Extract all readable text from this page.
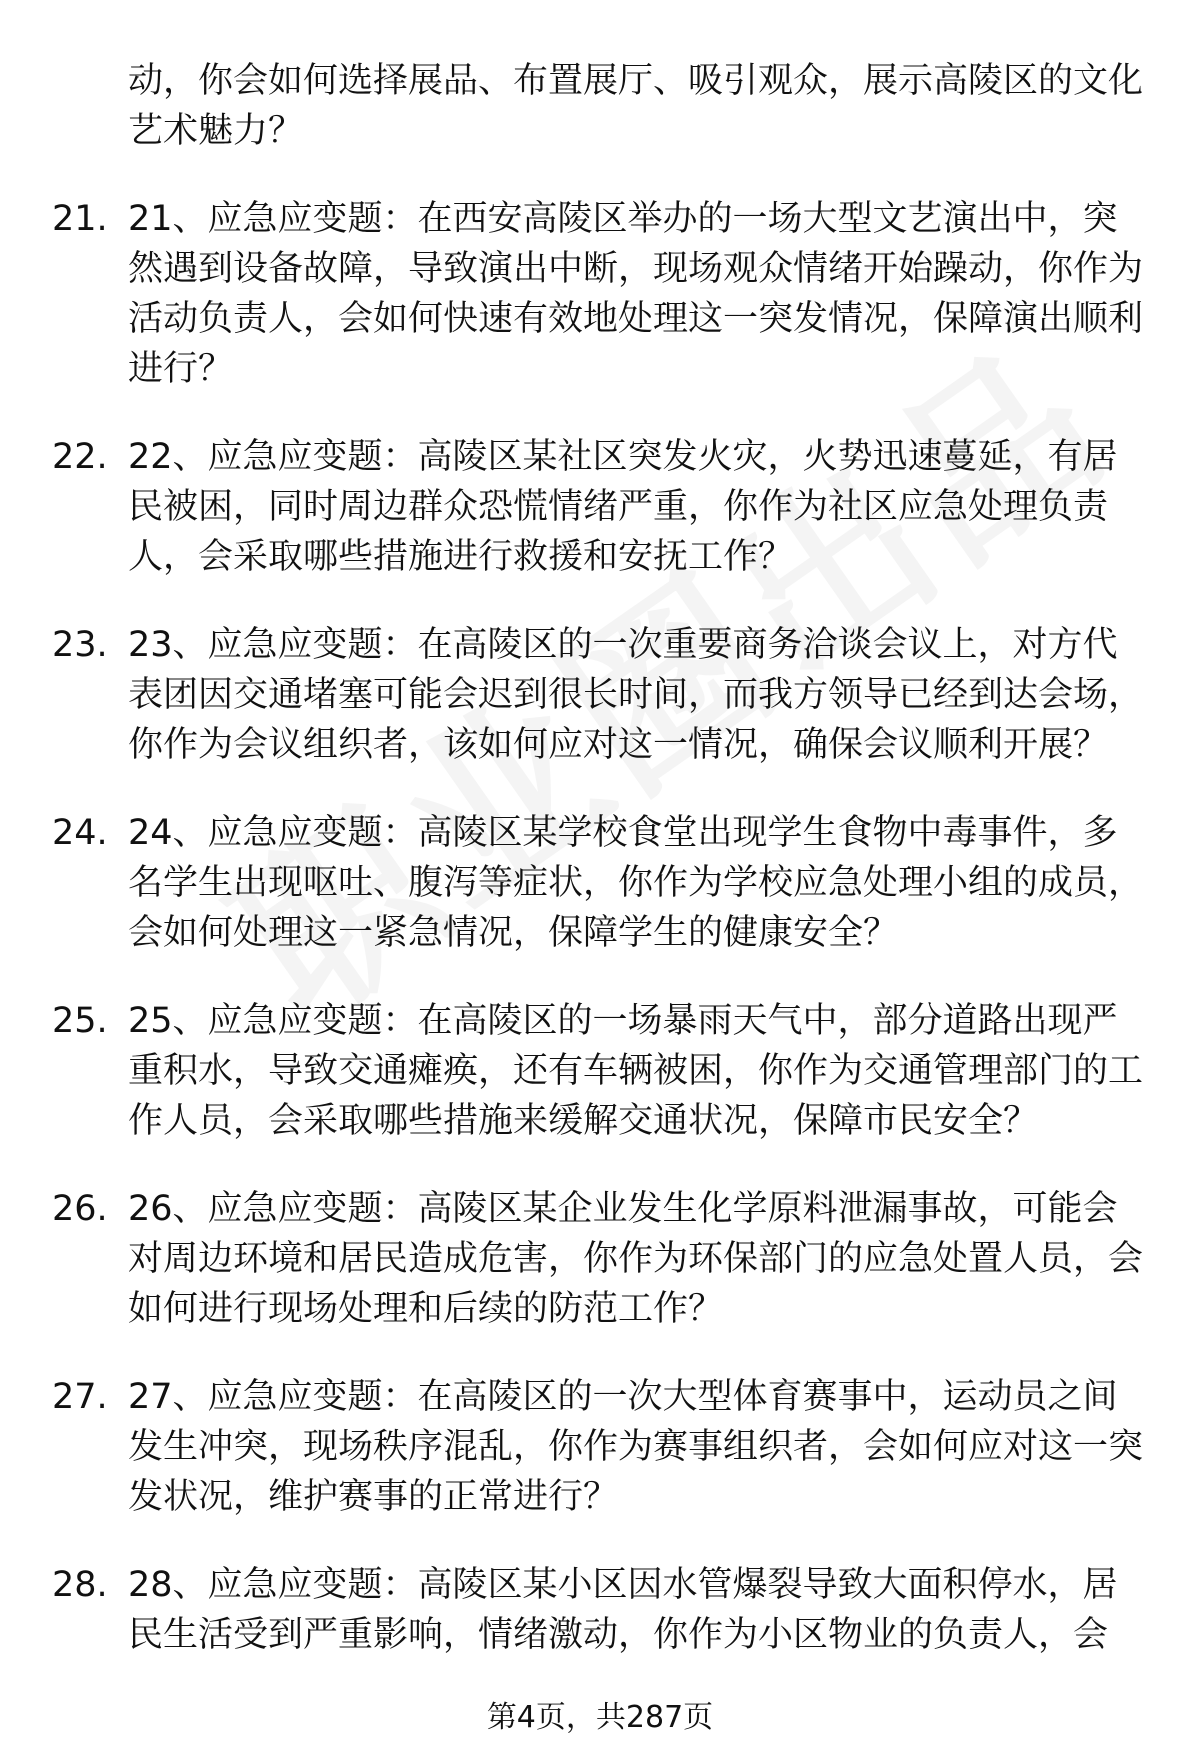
动，你会如何选择展品、布置展厅、吸引观众，展示高陵区的文化艺术魅力？
21. 21、应急应变题：在西安高陵区举办的一场大型文艺演出中，突然遇到设备故障，导致演出中断，现场观众情绪开始躁动，你作为活动负责人，会如何快速有效地处理这一突发情况，保障演出顺利进行？
22. 22、应急应变题：高陵区某社区突发火灾，火势迅速蔓延，有居民被困，同时周边群众恐慌情绪严重，你作为社区应急处理负责人，会采取哪些措施进行救援和安抚工作？
23. 23、应急应变题：在高陵区的一次重要商务洽谈会议上，对方代表团因交通堵塞可能会迟到很长时间，而我方领导已经到达会场，你作为会议组织者，该如何应对这一情况，确保会议顺利开展？
24. 24、应急应变题：高陵区某学校食堂出现学生食物中毒事件，多名学生出现呕吐、腹泻等症状，你作为学校应急处理小组的成员，会如何处理这一紧急情况，保障学生的健康安全？
25. 25、应急应变题：在高陵区的一场暴雨天气中，部分道路出现严重积水，导致交通瘫痪，还有车辆被困，你作为交通管理部门的工作人员，会采取哪些措施来缓解交通状况，保障市民安全？
26. 26、应急应变题：高陵区某企业发生化学原料泄漏事故，可能会对周边环境和居民造成危害，你作为环保部门的应急处置人员，会如何进行现场处理和后续的防范工作？
27. 27、应急应变题：在高陵区的一次大型体育赛事中，运动员之间发生冲突，现场秩序混乱，你作为赛事组织者，会如何应对这一突发状况，维护赛事的正常进行？
28. 28、应急应变题：高陵区某小区因水管爆裂导致大面积停水，居民生活受到严重影响，情绪激动，你作为小区物业的负责人，会
第4页，共287页
